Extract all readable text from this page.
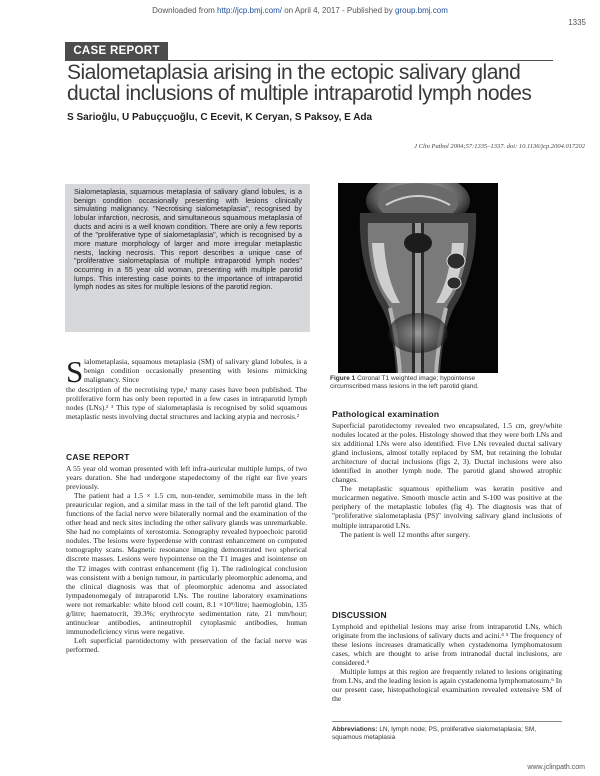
Downloaded from http://jcp.bmj.com/ on April 4, 2017 - Published by group.bmj.com
1335
CASE REPORT
Sialometaplasia arising in the ectopic salivary gland ductal inclusions of multiple intraparotid lymph nodes
S Sarioğlu, U Pabuççuoğlu, C Ecevit, K Ceryan, S Paksoy, E Ada
J Clin Pathol 2004;57:1335–1337. doi: 10.1136/jcp.2004.017202
Sialometaplasia, squamous metaplasia of salivary gland lobules, is a benign condition occasionally presenting with lesions clinically simulating malignancy. "Necrotising sialometaplasia", recognised by lobular infarction, necrosis, and simultaneous squamous metaplasia of ducts and acini is a well known condition. There are only a few reports of the "proliferative type of sialometaplasia", which is recognised by a more mature morphology of larger and more irregular metaplastic nests, lacking necrosis. This report describes a unique case of "proliferative sialometaplasia of multiple intraparotid lymph nodes" occurring in a 55 year old woman, presenting with multiple parotid lumps. This interesting case points to the importance of intraparotid lymph nodes as sites for multiple lesions of the parotid region.
Figure 1 Coronal T1 weighted image; hypointense circumscribed mass lesions in the left parotid gland.
S ialometaplasia, squamous metaplasia (SM) of salivary gland lobules, is a benign condition occasionally presenting with lesions mimicking malignancy. Since
the description of the necrotising type,¹ many cases have been published. The proliferative form has only been reported in a few cases in intraparotid lymph nodes (LNs).² ³ This type of sialometaplasia is recognised by solid squamous metaplastic nests involving ductal structures and lacking atypia and necrosis.²
CASE REPORT

A 55 year old woman presented with left infra-auricular multiple lumps, of two years duration. She had undergone stapedectomy of the right ear five years previously.

The patient had a 1.5 × 1.5 cm, non-tender, semimobile mass in the left preauricular region, and a similar mass in the tail of the left parotid gland. The functions of the facial nerve were bilaterally normal and the examination of the other head and neck sites including the other salivary glands was unremarkable. She had no complaints of xerostomia. Sonography revealed hypoechoic parotid nodules. The lesions were hyperdense with contrast enhancement on computed tomography scans. Magnetic resonance imaging demonstrated two spherical discrete masses. Lesions were hypointense on the T1 images and isointense on the T2 images with contrast enhancement (fig 1). The radiological conclusion was consistent with a benign tumour, in particularly pleomorphic adenoma, and the clinical diagnosis was that of pleomorphic adenoma and associated lympadenomegaly of intraparotid LNs. The routine laboratory examinations were not remarkable: white blood cell count, 8.1 ×10⁹/litre; haemoglobin, 135 g/litre; haematocrit, 39.3%; erythrocyte sedimentation rate, 21 mm/hour; antinuclear antibodies, antineutrophil cytoplasmic antibodies, human immunodeficiency virus were negative.

Left superficial parotidectomy with preservation of the facial nerve was performed.

Pathological examination

Superficial parotidectomy revealed two encapsulated, 1.5 cm, grey/white nodules located at the poles. Histology showed that they were both LNs and six additional LNs were also identified. Five LNs revealed ductal salivary gland inclusions, almost totally replaced by SM, but retaining the lobular architecture of ductal inclusions (figs 2, 3). Ductal inclusions were also identified in another lymph node. The parotid gland showed atrophic changes.

The metaplastic squamous epithelium was keratin positive and mucicarmen negative. Smooth muscle actin and S-100 was positive at the periphery of the metaplastic lobules (fig 4). The diagnosis was that of "proliferative sialometaplasia (PS)" involving salivary gland inclusions of multiple intraparotid LNs.

The patient is well 12 months after surgery.

DISCUSSION

Lymphoid and epithelial lesions may arise from intraparotid LNs, which originate from the inclusions of salivary ducts and acini.⁴ ⁵ The frequency of these lesions increases dramatically when cystadenoma lymphomatosum cases, which are thought to arise from intranodal ductal inclusions, are considered.⁴

Multiple lumps at this region are frequently related to lesions originating from LNs, and the leading lesion is again cystadenoma lymphomatosum.⁶ In our present case, histopathological examination revealed extensive SM of the

Abbreviations: LN, lymph node; PS, proliferative sialometaplasia; SM, squamous metaplasia
www.jclinpath.com
